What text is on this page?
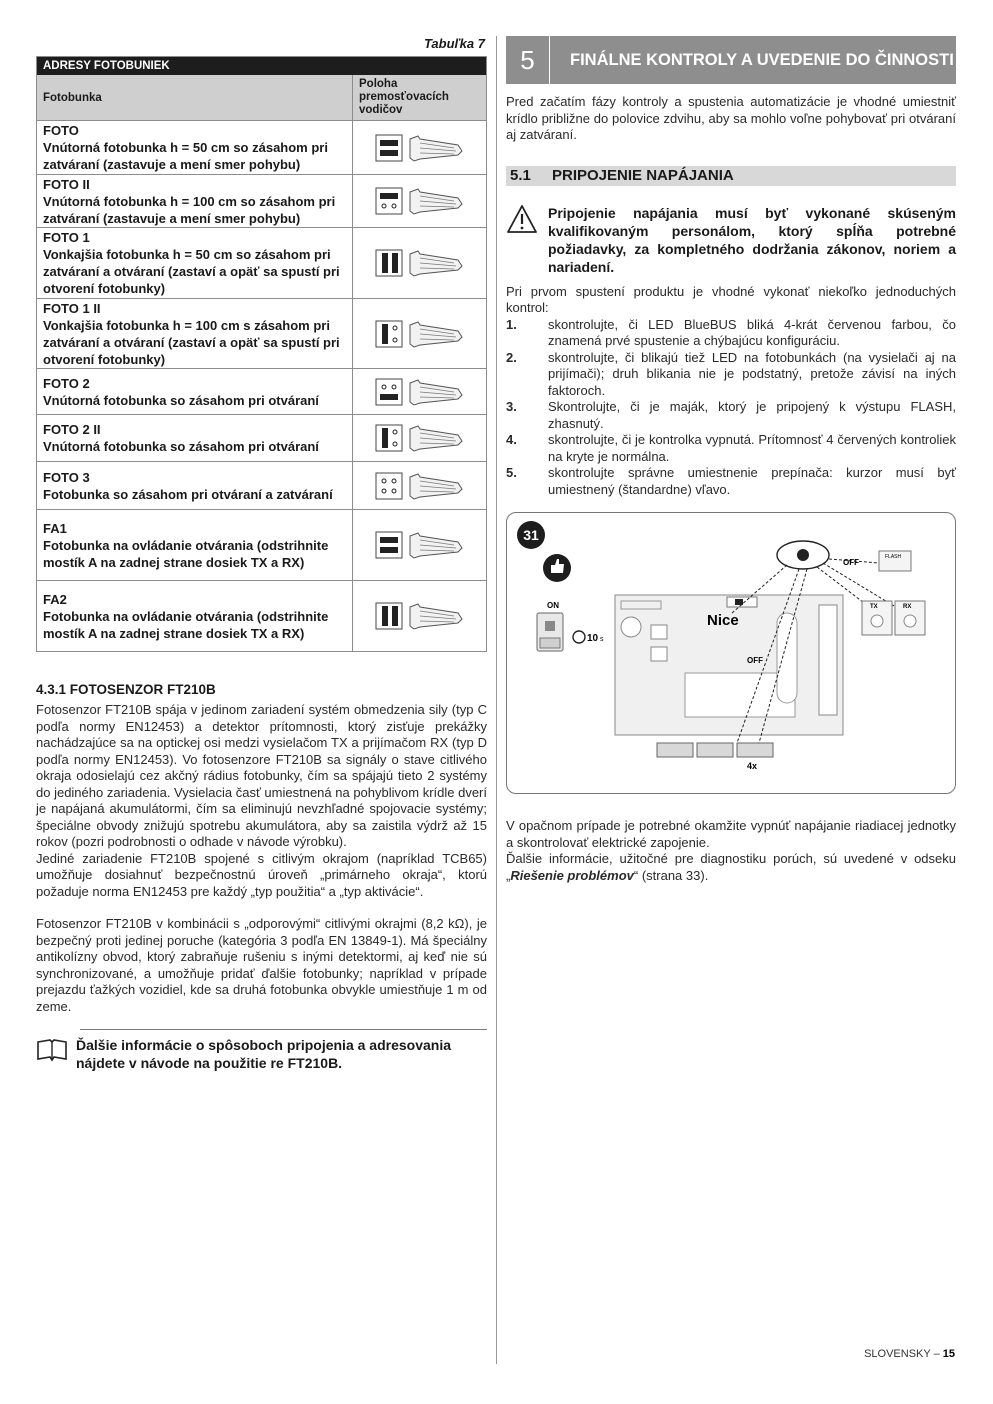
Tabuľka 7
ADRESY FOTOBUNIEK
Fotobunka
Poloha premosťovacích vodičov
FOTO
Vnútorná fotobunka h = 50 cm so zásahom pri zatváraní (zastavuje a mení smer pohybu)
FOTO II
Vnútorná fotobunka h = 100 cm so zásahom pri zatváraní (zastavuje a mení smer pohybu)
FOTO 1
Vonkajšia fotobunka h = 50 cm so zásahom pri zatváraní a otváraní (zastaví a opäť sa spustí pri otvorení fotobunky)
FOTO 1 II
Vonkajšia fotobunka h = 100 cm s zásahom pri zatváraní a otváraní (zastaví a opäť sa spustí pri otvorení fotobunky)
FOTO 2
Vnútorná fotobunka so zásahom pri otváraní
FOTO 2 II
Vnútorná fotobunka so zásahom pri otváraní
FOTO 3
Fotobunka so zásahom pri otváraní a zatváraní
FA1
Fotobunka na ovládanie otvárania (odstrihnite mostík A na zadnej strane dosiek TX a RX)
FA2
Fotobunka na ovládanie otvárania (odstrihnite mostík A na zadnej strane dosiek TX a RX)
4.3.1 FOTOSENZOR FT210B

Fotosenzor FT210B spája v jedinom zariadení systém obmedzenia sily (typ C podľa normy EN12453) a detektor prítomnosti, ktorý zisťuje prekážky nachádzajúce sa na optickej osi medzi vysielačom TX a prijímačom RX (typ D podľa normy EN12453). Vo fotosenzore FT210B sa signály o stave citlivého okraja odosielajú cez akčný rádius fotobunky, čím sa spájajú tieto 2 systémy do jediného zariadenia. Vysielacia časť umiestnená na pohyblivom krídle dverí je napájaná akumulátormi, čím sa eliminujú nevzhľadné spojovacie systémy; špeciálne obvody znižujú spotrebu akumulátora, aby sa zaistila výdrž až 15 rokov (pozri podrobnosti o odhade v návode výrobku).

Jediné zariadenie FT210B spojené s citlivým okrajom (napríklad TCB65) umožňuje dosiahnuť bezpečnostnú úroveň „primárneho okraja“, ktorú požaduje norma EN12453 pre každý „typ použitia“ a „typ aktivácie“.

Fotosenzor FT210B v kombinácii s „odporovými“ citlivými okrajmi (8,2 kΩ), je bezpečný proti jedinej poruche (kategória 3 podľa EN 13849-1). Má špeciálny antikolízny obvod, ktorý zabraňuje rušeniu s inými detektormi, aj keď nie sú synchronizované, a umožňuje pridať ďalšie fotobunky; napríklad v prípade prejazdu ťažkých vozidiel, kde sa druhá fotobunka obvykle umiestňuje 1 m od zeme.

Ďalšie informácie o spôsoboch pripojenia a adresovania nájdete v návode na použitie re FT210B.
5	FINÁLNE KONTROLY A UVEDENIE DO ČINNOSTI
Pred začatím fázy kontroly a spustenia automatizácie je vhodné umiestniť krídlo približne do polovice zdvihu, aby sa mohlo voľne pohybovať pri otváraní aj zatváraní.
5.1	PRIPOJENIE NAPÁJANIA
Pripojenie napájania musí byť vykonané skúseným kvalifikovaným personálom, ktorý spĺňa potrebné požiadavky, za kompletného dodržania zákonov, noriem a nariadení.
Pri prvom spustení produktu je vhodné vykonať niekoľko jednoduchých kontrol:
1.	skontrolujte, či LED BlueBUS bliká 4-krát červenou farbou, čo znamená prvé spustenie a chýbajúcu konfiguráciu.
2.	skontrolujte, či blikajú tiež LED na fotobunkách (na vysielači aj na prijímači); druh blikania nie je podstatný, pretože závisí na iných faktoroch.
3.	Skontrolujte, či je maják, ktorý je pripojený k výstupu FLASH, zhasnutý.
4.	skontrolujte, či je kontrolka vypnutá. Prítomnosť 4 červených kontroliek na kryte je normálna.
5.	skontrolujte správne umiestnenie prepínača: kurzor musí byť umiestnený (štandardne) vľavo.
31
ON
10 s
Nice
OFF
4x
OFF
FLASH
TX	RX

V opačnom prípade je potrebné okamžite vypnúť napájanie riadiacej jednotky a skontrolovať elektrické zapojenie.

Ďalšie informácie, užitočné pre diagnostiku porúch, sú uvedené v odseku „Riešenie problémov“ (strana 33).

SLOVENSKY – 15
